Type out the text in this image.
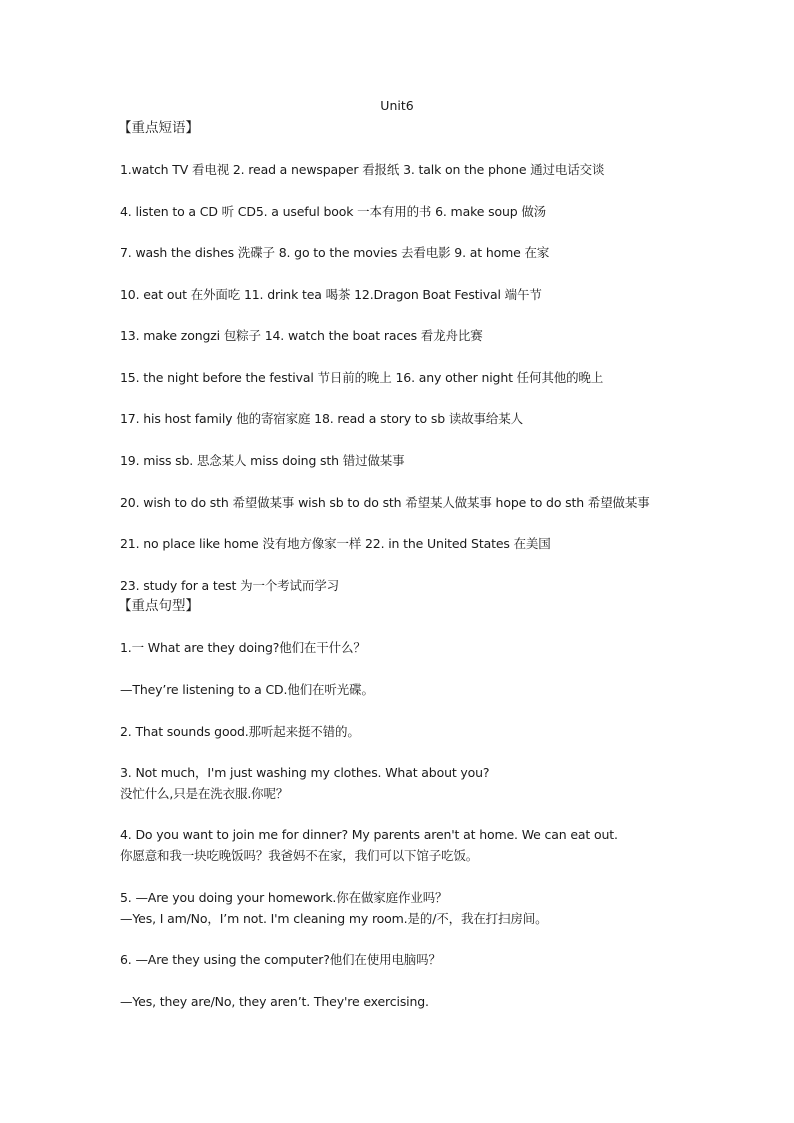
Unit6
【重点短语】
1.watch TV 看电视 2. read a newspaper 看报纸 3. talk on the phone 通过电话交谈
4. listen to a CD 听 CD5. a useful book 一本有用的书 6. make soup 做汤
7. wash the dishes 洗碟子 8. go to the movies 去看电影 9. at home 在家
10. eat out 在外面吃 11. drink tea 喝茶 12.Dragon Boat Festival 端午节
13. make zongzi 包粽子 14. watch the boat races 看龙舟比赛
15. the night before the festival 节日前的晚上 16. any other night 任何其他的晚上
17. his host family 他的寄宿家庭 18. read a story to sb 读故事给某人
19. miss sb. 思念某人 miss doing sth 错过做某事
20. wish to do sth 希望做某事 wish sb to do sth 希望某人做某事 hope to do sth 希望做某事
21. no place like home 没有地方像家一样 22. in the United States 在美国
23. study for a test 为一个考试而学习
【重点句型】
1.一 What are they doing?他们在干什么？
—They’re listening to a CD.他们在听光碟。
2. That sounds good.那听起来挺不错的。
3. Not much，I'm just washing my clothes. What about you?
没忙什么,只是在洗衣服.你呢？
4. Do you want to join me for dinner? My parents aren't at home. We can eat out.
你愿意和我一块吃晚饭吗？我爸妈不在家，我们可以下馆子吃饭。
5. —Are you doing your homework.你在做家庭作业吗？
—Yes, I am/No，I’m not. I'm cleaning my room.是的/不，我在打扫房间。
6. —Are they using the computer?他们在使用电脑吗？
—Yes, they are/No, they aren’t. They're exercising.
